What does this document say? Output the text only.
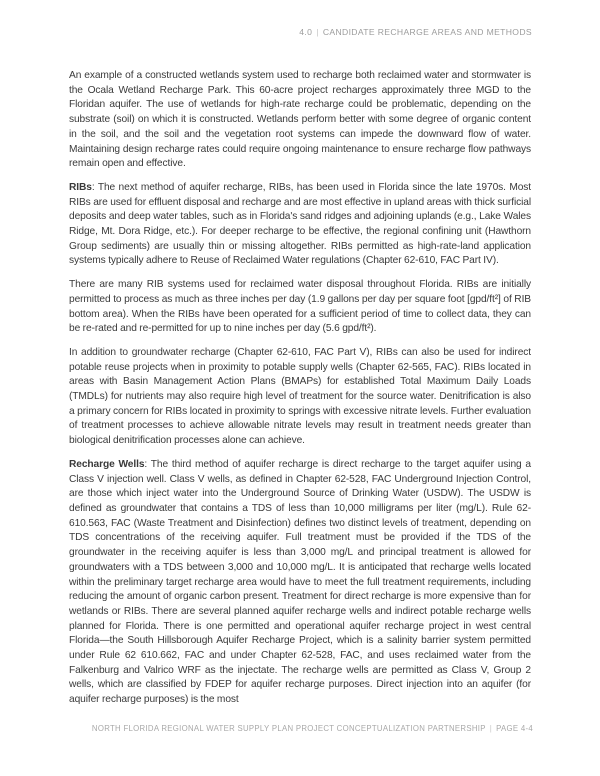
4.0 | CANDIDATE RECHARGE AREAS AND METHODS

An example of a constructed wetlands system used to recharge both reclaimed water and stormwater is the Ocala Wetland Recharge Park. This 60-acre project recharges approximately three MGD to the Floridan aquifer. The use of wetlands for high-rate recharge could be problematic, depending on the substrate (soil) on which it is constructed. Wetlands perform better with some degree of organic content in the soil, and the soil and the vegetation root systems can impede the downward flow of water. Maintaining design recharge rates could require ongoing maintenance to ensure recharge flow pathways remain open and effective.

RIBs: The next method of aquifer recharge, RIBs, has been used in Florida since the late 1970s. Most RIBs are used for effluent disposal and recharge and are most effective in upland areas with thick surficial deposits and deep water tables, such as in Florida's sand ridges and adjoining uplands (e.g., Lake Wales Ridge, Mt. Dora Ridge, etc.). For deeper recharge to be effective, the regional confining unit (Hawthorn Group sediments) are usually thin or missing altogether. RIBs permitted as high-rate-land application systems typically adhere to Reuse of Reclaimed Water regulations (Chapter 62-610, FAC Part IV).

There are many RIB systems used for reclaimed water disposal throughout Florida. RIBs are initially permitted to process as much as three inches per day (1.9 gallons per day per square foot [gpd/ft²] of RIB bottom area). When the RIBs have been operated for a sufficient period of time to collect data, they can be re-rated and re-permitted for up to nine inches per day (5.6 gpd/ft²).

In addition to groundwater recharge (Chapter 62-610, FAC Part V), RIBs can also be used for indirect potable reuse projects when in proximity to potable supply wells (Chapter 62-565, FAC). RIBs located in areas with Basin Management Action Plans (BMAPs) for established Total Maximum Daily Loads (TMDLs) for nutrients may also require high level of treatment for the source water. Denitrification is also a primary concern for RIBs located in proximity to springs with excessive nitrate levels. Further evaluation of treatment processes to achieve allowable nitrate levels may result in treatment needs greater than biological denitrification processes alone can achieve.

Recharge Wells: The third method of aquifer recharge is direct recharge to the target aquifer using a Class V injection well. Class V wells, as defined in Chapter 62-528, FAC Underground Injection Control, are those which inject water into the Underground Source of Drinking Water (USDW). The USDW is defined as groundwater that contains a TDS of less than 10,000 milligrams per liter (mg/L). Rule 62-610.563, FAC (Waste Treatment and Disinfection) defines two distinct levels of treatment, depending on TDS concentrations of the receiving aquifer. Full treatment must be provided if the TDS of the groundwater in the receiving aquifer is less than 3,000 mg/L and principal treatment is allowed for groundwaters with a TDS between 3,000 and 10,000 mg/L. It is anticipated that recharge wells located within the preliminary target recharge area would have to meet the full treatment requirements, including reducing the amount of organic carbon present. Treatment for direct recharge is more expensive than for wetlands or RIBs. There are several planned aquifer recharge wells and indirect potable recharge wells planned for Florida. There is one permitted and operational aquifer recharge project in west central Florida—the South Hillsborough Aquifer Recharge Project, which is a salinity barrier system permitted under Rule 62 610.662, FAC and under Chapter 62-528, FAC, and uses reclaimed water from the Falkenburg and Valrico WRF as the injectate. The recharge wells are permitted as Class V, Group 2 wells, which are classified by FDEP for aquifer recharge purposes. Direct injection into an aquifer (for aquifer recharge purposes) is the most

NORTH FLORIDA REGIONAL WATER SUPPLY PLAN PROJECT CONCEPTUALIZATION PARTNERSHIP | PAGE 4-4
